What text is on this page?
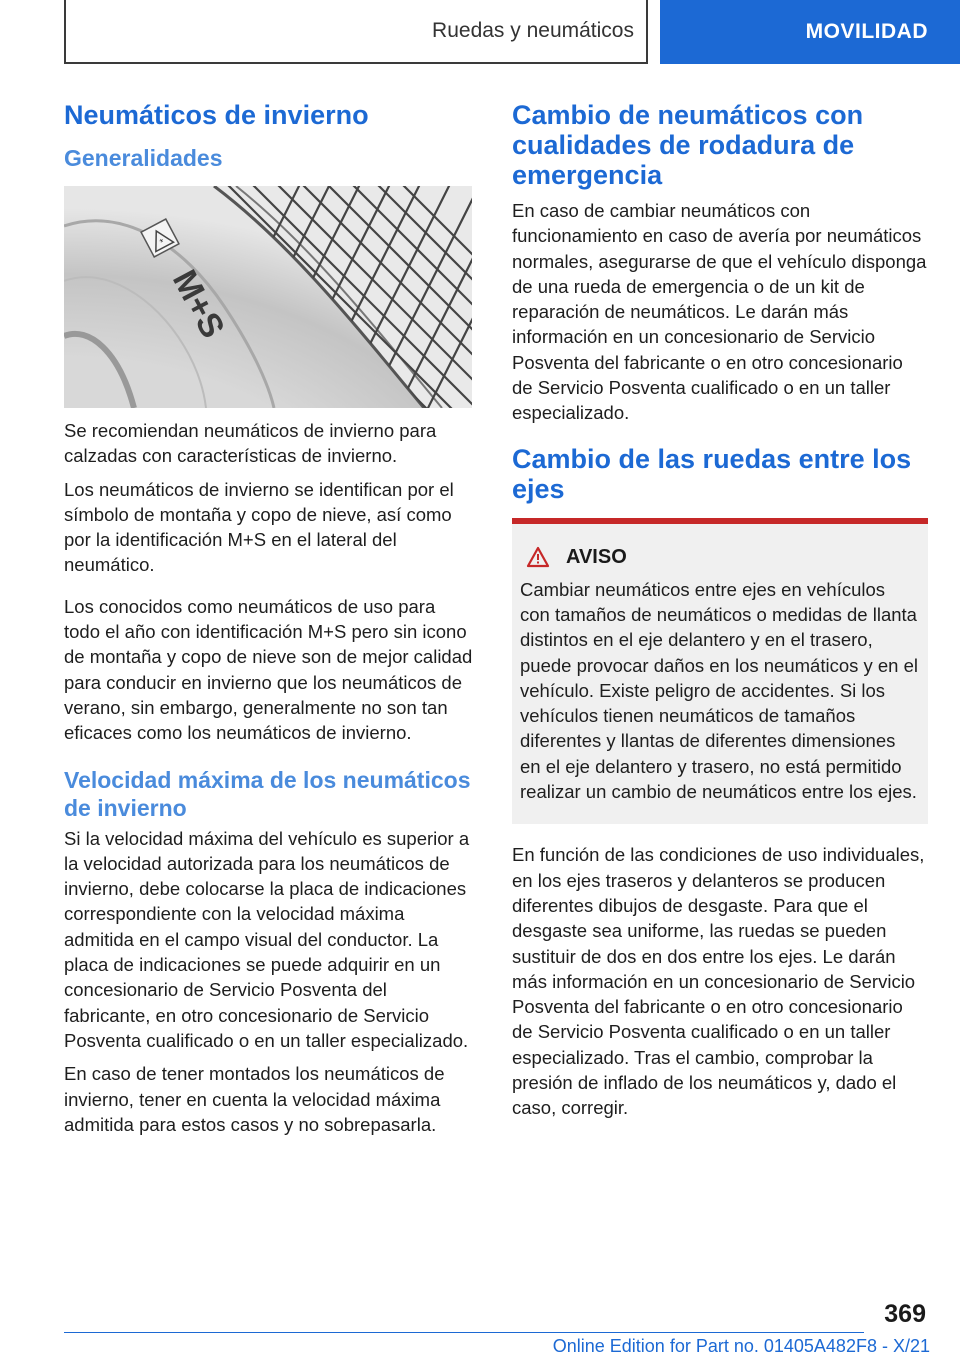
Ruedas y neumáticos	MOVILIDAD
Neumáticos de invierno
Generalidades
*
M+S

Se recomiendan neumáticos de invierno para calzadas con características de invierno.

Los neumáticos de invierno se identifican por el símbolo de montaña y copo de nieve, así como por la identificación M+S en el lateral del neumático.

Los conocidos como neumáticos de uso para todo el año con identificación M+S pero sin icono de montaña y copo de nieve son de mejor calidad para conducir en invierno que los neumáticos de verano, sin embargo, generalmente no son tan eficaces como los neumáticos de invierno.

Velocidad máxima de los neumáticos de invierno

Si la velocidad máxima del vehículo es superior a la velocidad autorizada para los neumáticos de invierno, debe colocarse la placa de indicaciones correspondiente con la velocidad máxima admitida en el campo visual del conductor. La placa de indicaciones se puede adquirir en un concesionario de Servicio Posventa del fabricante, en otro concesionario de Servicio Posventa cualificado o en un taller especializado.

En caso de tener montados los neumáticos de invierno, tener en cuenta la velocidad máxima admitida para estos casos y no sobrepasarla.

Cambio de neumáticos con cualidades de rodadura de emergencia

En caso de cambiar neumáticos con funcionamiento en caso de avería por neumáticos normales, asegurarse de que el vehículo disponga de una rueda de emergencia o de un kit de reparación de neumáticos. Le darán más información en un concesionario de Servicio Posventa del fabricante o en otro concesionario de Servicio Posventa cualificado o en un taller especializado.

Cambio de las ruedas entre los ejes
AVISO

Cambiar neumáticos entre ejes en vehículos con tamaños de neumáticos o medidas de llanta distintos en el eje delantero y en el trasero, puede provocar daños en los neumáticos y en el vehículo. Existe peligro de accidentes. Si los vehículos tienen neumáticos de tamaños diferentes y llantas de diferentes dimensiones en el eje delantero y trasero, no está permitido realizar un cambio de neumáticos entre los ejes.

En función de las condiciones de uso individuales, en los ejes traseros y delanteros se producen diferentes dibujos de desgaste. Para que el desgaste sea uniforme, las ruedas se pueden sustituir de dos en dos entre los ejes. Le darán más información en un concesionario de Servicio Posventa del fabricante o en otro concesionario de Servicio Posventa cualificado o en un taller especializado. Tras el cambio, comprobar la presión de inflado de los neumáticos y, dado el caso, corregir.

369
Online Edition for Part no. 01405A482F8 - X/21
